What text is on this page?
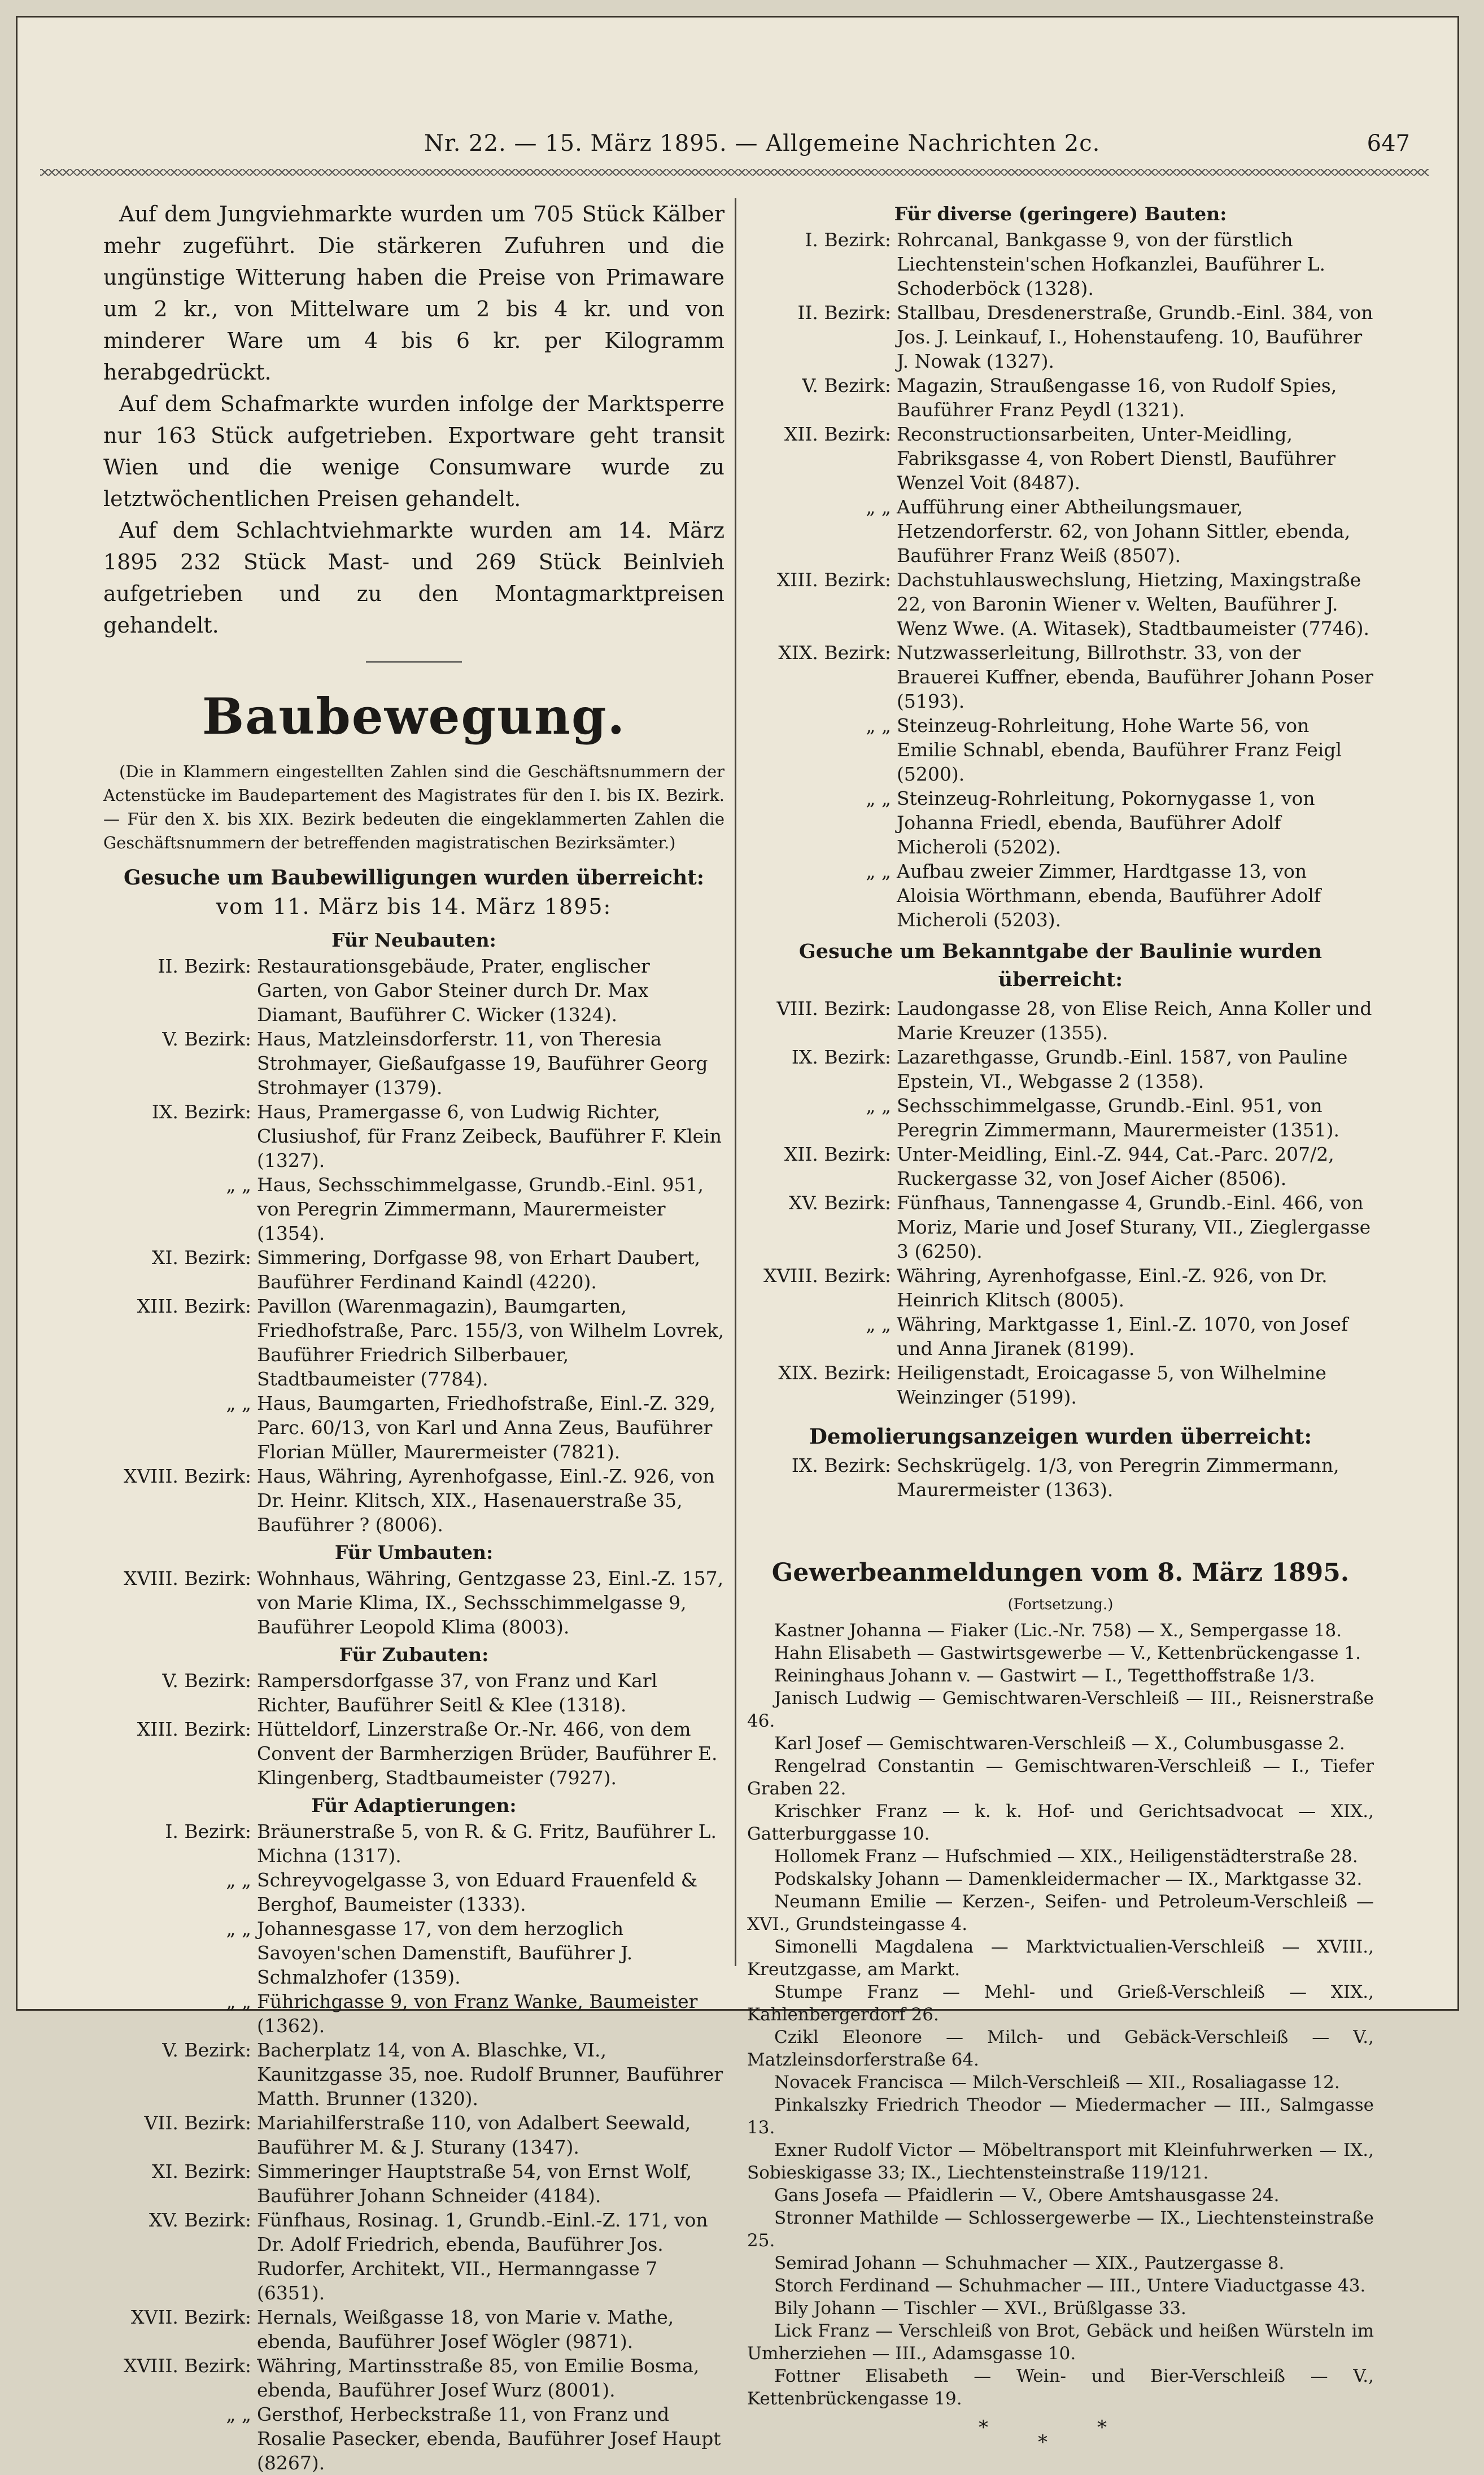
Nr. 22. — 15. März 1895. — Allgemeine Nachrichten 2c.	647

Auf dem Jungviehmarkte wurden um 705 Stück Kälber mehr zugeführt. Die stärkeren Zufuhren und die ungünstige Witterung haben die Preise von Primaware um 2 kr., von Mittelware um 2 bis 4 kr. und von minderer Ware um 4 bis 6 kr. per Kilogramm herabgedrückt.

Auf dem Schafmarkte wurden infolge der Marktsperre nur 163 Stück aufgetrieben. Exportware geht transit Wien und die wenige Consumware wurde zu letztwöchentlichen Preisen gehandelt.

Auf dem Schlachtviehmarkte wurden am 14. März 1895 232 Stück Mast- und 269 Stück Beinlvieh aufgetrieben und zu den Montagmarktpreisen gehandelt.

Baubewegung.

(Die in Klammern eingestellten Zahlen sind die Geschäftsnummern der Actenstücke im Baudepartement des Magistrates für den I. bis IX. Bezirk. — Für den X. bis XIX. Bezirk bedeuten die eingeklammerten Zahlen die Geschäftsnummern der betreffenden magistratischen Bezirksämter.)

Gesuche um Baubewilligungen wurden überreicht:
vom 11. März bis 14. März 1895:
Für Neubauten:
II. Bezirk: Restaurationsgebäude, Prater, englischer Garten, von Gabor Steiner durch Dr. Max Diamant, Bauführer C. Wicker (1324).
V. Bezirk: Haus, Matzleinsdorferstr. 11, von Theresia Strohmayer, Gießaufgasse 19, Bauführer Georg Strohmayer (1379).
IX. Bezirk: Haus, Pramergasse 6, von Ludwig Richter, Clusiushof, für Franz Zeibeck, Bauführer F. Klein (1327).
„ „ Haus, Sechsschimmelgasse, Grundb.-Einl. 951, von Peregrin Zimmermann, Maurermeister (1354).
XI. Bezirk: Simmering, Dorfgasse 98, von Erhart Daubert, Bauführer Ferdinand Kaindl (4220).
XIII. Bezirk: Pavillon (Warenmagazin), Baumgarten, Friedhofstraße, Parc. 155/3, von Wilhelm Lovrek, Bauführer Friedrich Silberbauer, Stadtbaumeister (7784).
„ „ Haus, Baumgarten, Friedhofstraße, Einl.-Z. 329, Parc. 60/13, von Karl und Anna Zeus, Bauführer Florian Müller, Maurermeister (7821).
XVIII. Bezirk: Haus, Währing, Ayrenhofgasse, Einl.-Z. 926, von Dr. Heinr. Klitsch, XIX., Hasenauerstraße 35, Bauführer ? (8006).
Für Umbauten:
XVIII. Bezirk: Wohnhaus, Währing, Gentzgasse 23, Einl.-Z. 157, von Marie Klima, IX., Sechsschimmelgasse 9, Bauführer Leopold Klima (8003).
Für Zubauten:
V. Bezirk: Rampersdorfgasse 37, von Franz und Karl Richter, Bauführer Seitl & Klee (1318).
XIII. Bezirk: Hütteldorf, Linzerstraße Or.-Nr. 466, von dem Convent der Barmherzigen Brüder, Bauführer E. Klingenberg, Stadtbaumeister (7927).
Für Adaptierungen:
I. Bezirk: Bräunerstraße 5, von R. & G. Fritz, Bauführer L. Michna (1317).
„ „ Schreyvogelgasse 3, von Eduard Frauenfeld & Berghof, Baumeister (1333).
„ „ Johannesgasse 17, von dem herzoglich Savoyen'schen Damenstift, Bauführer J. Schmalzhofer (1359).
„ „ Führichgasse 9, von Franz Wanke, Baumeister (1362).
V. Bezirk: Bacherplatz 14, von A. Blaschke, VI., Kaunitzgasse 35, noe. Rudolf Brunner, Bauführer Matth. Brunner (1320).
VII. Bezirk: Mariahilferstraße 110, von Adalbert Seewald, Bauführer M. & J. Sturany (1347).
XI. Bezirk: Simmeringer Hauptstraße 54, von Ernst Wolf, Bauführer Johann Schneider (4184).
XV. Bezirk: Fünfhaus, Rosinag. 1, Grundb.-Einl.-Z. 171, von Dr. Adolf Friedrich, ebenda, Bauführer Jos. Rudorfer, Architekt, VII., Hermanngasse 7 (6351).
XVII. Bezirk: Hernals, Weißgasse 18, von Marie v. Mathe, ebenda, Bauführer Josef Wögler (9871).
XVIII. Bezirk: Währing, Martinsstraße 85, von Emilie Bosma, ebenda, Bauführer Josef Wurz (8001).
„ „ Gersthof, Herbeckstraße 11, von Franz und Rosalie Pasecker, ebenda, Bauführer Josef Haupt (8267).
Für diverse (geringere) Bauten:
I. Bezirk: Rohrcanal, Bankgasse 9, von der fürstlich Liechtenstein'schen Hofkanzlei, Bauführer L. Schoderböck (1328).
II. Bezirk: Stallbau, Dresdenerstraße, Grundb.-Einl. 384, von Jos. J. Leinkauf, I., Hohenstaufeng. 10, Bauführer J. Nowak (1327).
V. Bezirk: Magazin, Straußengasse 16, von Rudolf Spies, Bauführer Franz Peydl (1321).
XII. Bezirk: Reconstructionsarbeiten, Unter-Meidling, Fabriksgasse 4, von Robert Dienstl, Bauführer Wenzel Voit (8487).
„ „ Aufführung einer Abtheilungsmauer, Hetzendorferstr. 62, von Johann Sittler, ebenda, Bauführer Franz Weiß (8507).
XIII. Bezirk: Dachstuhlauswechslung, Hietzing, Maxingstraße 22, von Baronin Wiener v. Welten, Bauführer J. Wenz Wwe. (A. Witasek), Stadtbaumeister (7746).
XIX. Bezirk: Nutzwasserleitung, Billrothstr. 33, von der Brauerei Kuffner, ebenda, Bauführer Johann Poser (5193).
„ „ Steinzeug-Rohrleitung, Hohe Warte 56, von Emilie Schnabl, ebenda, Bauführer Franz Feigl (5200).
„ „ Steinzeug-Rohrleitung, Pokornygasse 1, von Johanna Friedl, ebenda, Bauführer Adolf Micheroli (5202).
„ „ Aufbau zweier Zimmer, Hardtgasse 13, von Aloisia Wörthmann, ebenda, Bauführer Adolf Micheroli (5203).
Gesuche um Bekanntgabe der Baulinie wurden überreicht:
VIII. Bezirk: Laudongasse 28, von Elise Reich, Anna Koller und Marie Kreuzer (1355).
IX. Bezirk: Lazarethgasse, Grundb.-Einl. 1587, von Pauline Epstein, VI., Webgasse 2 (1358).
„ „ Sechsschimmelgasse, Grundb.-Einl. 951, von Peregrin Zimmermann, Maurermeister (1351).
XII. Bezirk: Unter-Meidling, Einl.-Z. 944, Cat.-Parc. 207/2, Ruckergasse 32, von Josef Aicher (8506).
XV. Bezirk: Fünfhaus, Tannengasse 4, Grundb.-Einl. 466, von Moriz, Marie und Josef Sturany, VII., Zieglergasse 3 (6250).
XVIII. Bezirk: Währing, Ayrenhofgasse, Einl.-Z. 926, von Dr. Heinrich Klitsch (8005).
„ „ Währing, Marktgasse 1, Einl.-Z. 1070, von Josef und Anna Jiranek (8199).
XIX. Bezirk: Heiligenstadt, Eroicagasse 5, von Wilhelmine Weinzinger (5199).
Demolierungsanzeigen wurden überreicht:
IX. Bezirk: Sechskrügelg. 1/3, von Peregrin Zimmermann, Maurermeister (1363).
Gewerbeanmeldungen vom 8. März 1895.
(Fortsetzung.)

Kastner Johanna — Fiaker (Lic.-Nr. 758) — X., Sempergasse 18.

Hahn Elisabeth — Gastwirtsgewerbe — V., Kettenbrückengasse 1.

Reininghaus Johann v. — Gastwirt — I., Tegetthoffstraße 1/3.

Janisch Ludwig — Gemischtwaren-Verschleiß — III., Reisnerstraße 46.

Karl Josef — Gemischtwaren-Verschleiß — X., Columbusgasse 2.

Rengelrad Constantin — Gemischtwaren-Verschleiß — I., Tiefer Graben 22.

Krischker Franz — k. k. Hof- und Gerichtsadvocat — XIX., Gatterburggasse 10.

Hollomek Franz — Hufschmied — XIX., Heiligenstädterstraße 28.

Podskalsky Johann — Damenkleidermacher — IX., Marktgasse 32.

Neumann Emilie — Kerzen-, Seifen- und Petroleum-Verschleiß — XVI., Grundsteingasse 4.

Simonelli Magdalena — Marktvictualien-Verschleiß — XVIII., Kreutzgasse, am Markt.

Stumpe Franz — Mehl- und Grieß-Verschleiß — XIX., Kahlenbergerdorf 26.

Czikl Eleonore — Milch- und Gebäck-Verschleiß — V., Matzleinsdorferstraße 64.

Novacek Francisca — Milch-Verschleiß — XII., Rosaliagasse 12.

Pinkalszky Friedrich Theodor — Miedermacher — III., Salmgasse 13.

Exner Rudolf Victor — Möbeltransport mit Kleinfuhrwerken — IX., Sobieskigasse 33; IX., Liechtensteinstraße 119/121.

Gans Josefa — Pfaidlerin — V., Obere Amtshausgasse 24.

Stronner Mathilde — Schlossergewerbe — IX., Liechtensteinstraße 25.

Semirad Johann — Schuhmacher — XIX., Pautzergasse 8.

Storch Ferdinand — Schuhmacher — III., Untere Viaductgasse 43.

Bily Johann — Tischler — XVI., Brüßlgasse 33.

Lick Franz — Verschleiß von Brot, Gebäck und heißen Würsteln im Umherziehen — III., Adamsgasse 10.

Fottner Elisabeth — Wein- und Bier-Verschleiß — V., Kettenbrückengasse 19.

*	*
*
